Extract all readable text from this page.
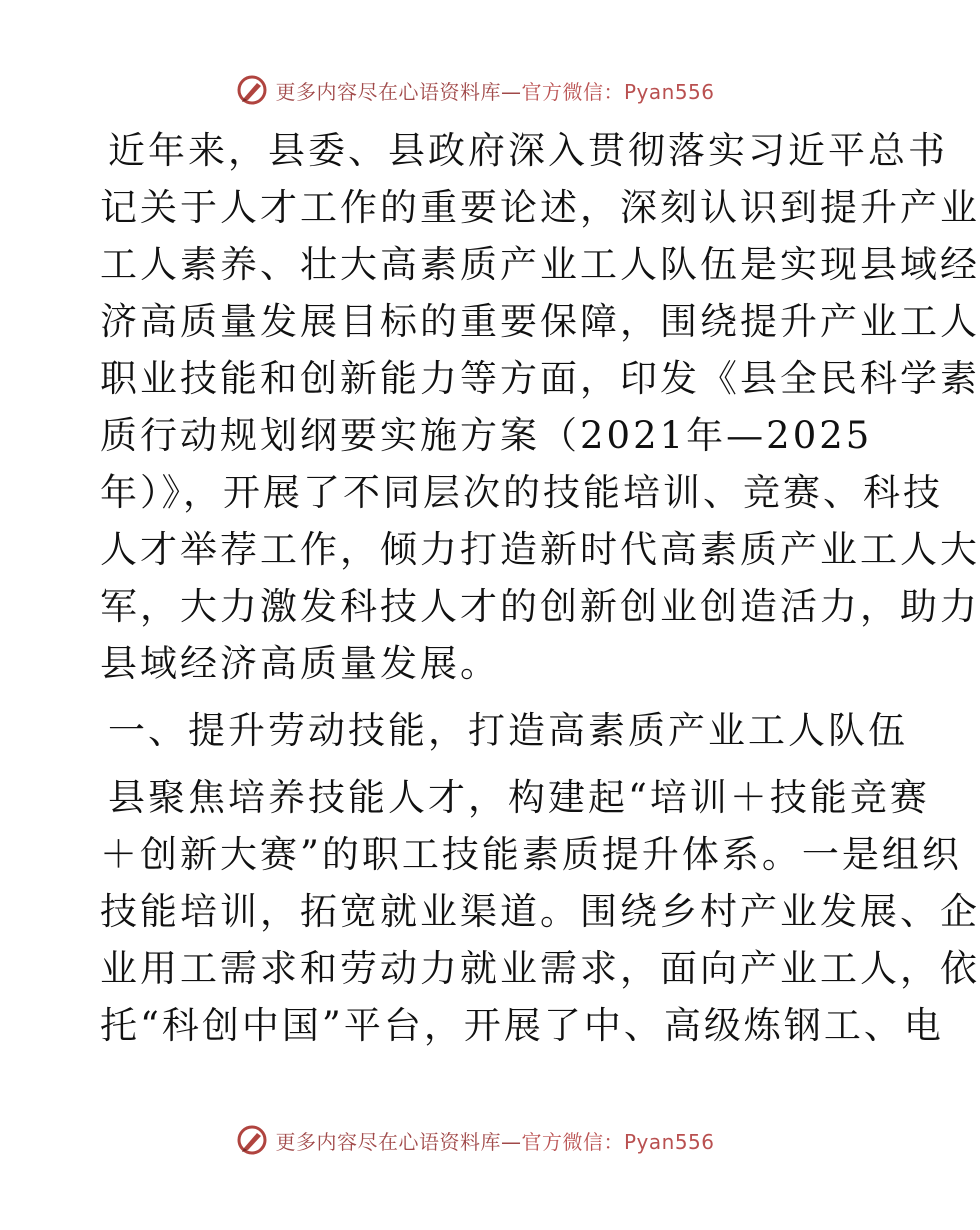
更多内容尽在心语资料库—官方微信：Pyan556
近年来，县委、县政府深入贯彻落实习近平总书
记关于人才工作的重要论述，深刻认识到提升产业
工人素养、壮大高素质产业工人队伍是实现县域经
济高质量发展目标的重要保障，围绕提升产业工人
职业技能和创新能力等方面，印发《县全民科学素
质行动规划纲要实施方案（2021年—2025
年）》，开展了不同层次的技能培训、竞赛、科技
人才举荐工作，倾力打造新时代高素质产业工人大
军，大力激发科技人才的创新创业创造活力，助力
县域经济高质量发展。
一、提升劳动技能，打造高素质产业工人队伍
县聚焦培养技能人才，构建起“培训＋技能竞赛
＋创新大赛”的职工技能素质提升体系。一是组织
技能培训，拓宽就业渠道。围绕乡村产业发展、企
业用工需求和劳动力就业需求，面向产业工人，依
托“科创中国”平台，开展了中、高级炼钢工、电
更多内容尽在心语资料库—官方微信：Pyan556
